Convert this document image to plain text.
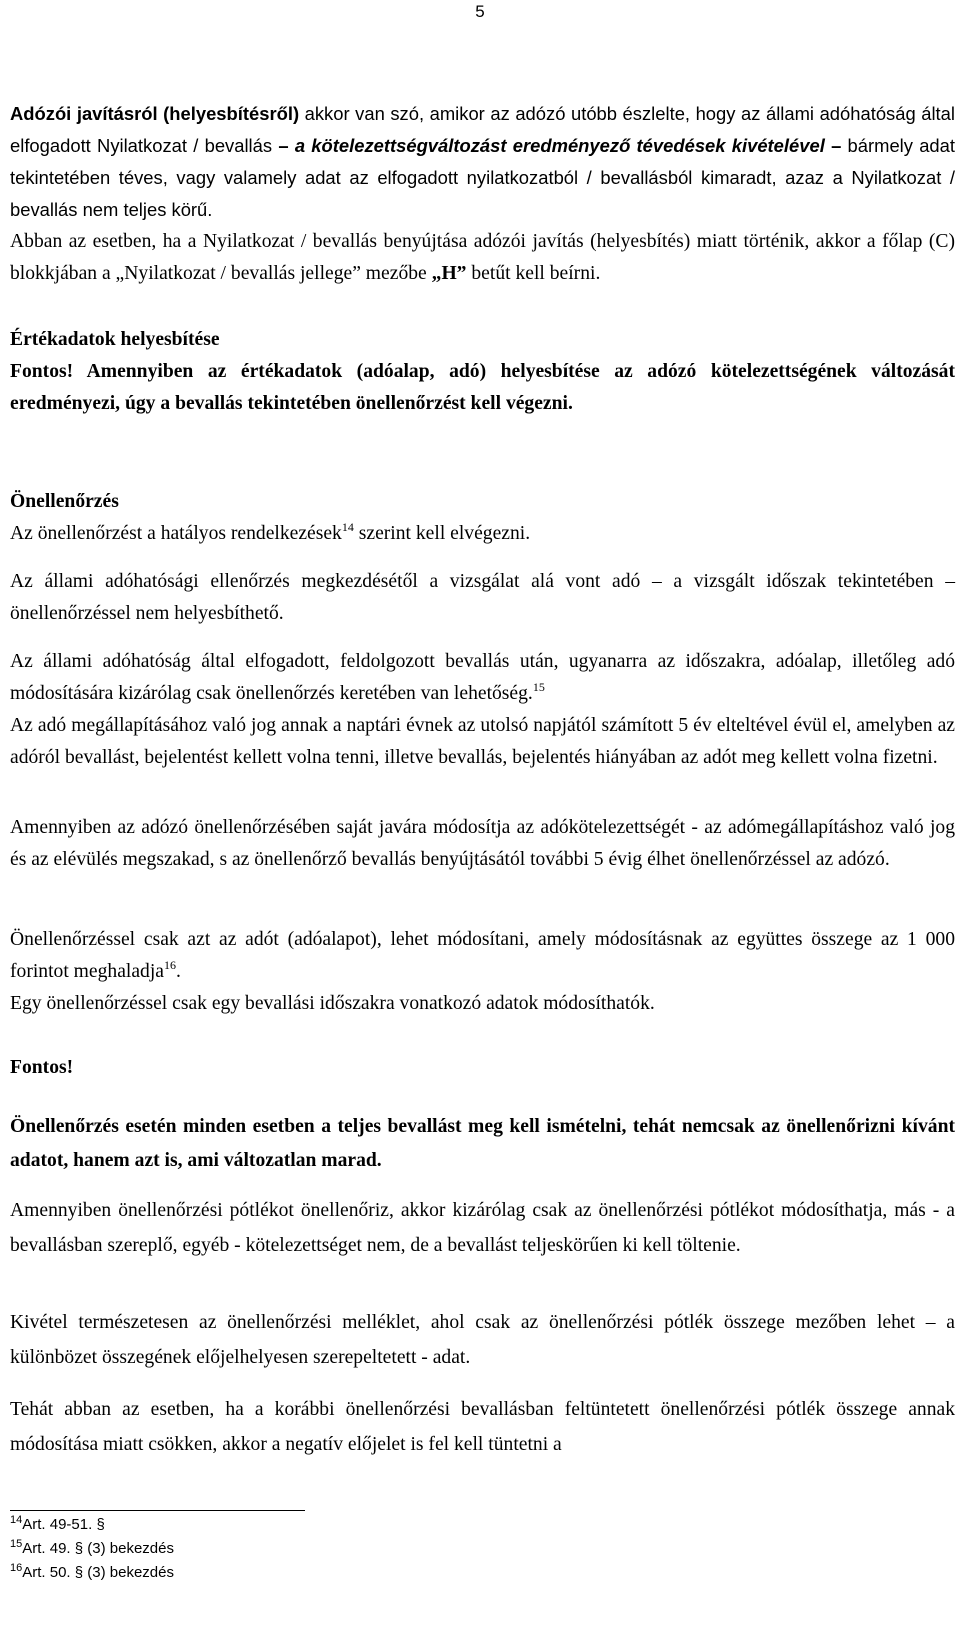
5

Adózói javításról (helyesbítésről) akkor van szó, amikor az adózó utóbb észlelte, hogy az állami adóhatóság által elfogadott Nyilatkozat / bevallás – a kötelezettségváltozást eredményező tévedések kivételével – bármely adat tekintetében téves, vagy valamely adat az elfogadott nyilatkozatból / bevallásból kimaradt, azaz a Nyilatkozat / bevallás nem teljes körű.

Abban az esetben, ha a Nyilatkozat / bevallás benyújtása adózói javítás (helyesbítés) miatt történik, akkor a főlap (C) blokkjában a „Nyilatkozat / bevallás jellege” mezőbe „H” betűt kell beírni.

Értékadatok helyesbítése

Fontos! Amennyiben az értékadatok (adóalap, adó) helyesbítése az adózó kötelezettségének változását eredményezi, úgy a bevallás tekintetében önellenőrzést kell végezni.

Önellenőrzés

Az önellenőrzést a hatályos rendelkezések$^{14}$ szerint kell elvégezni.

Az állami adóhatósági ellenőrzés megkezdésétől a vizsgálat alá vont adó – a vizsgált időszak tekintetében – önellenőrzéssel nem helyesbíthető.

Az állami adóhatóság által elfogadott, feldolgozott bevallás után, ugyanarra az időszakra, adóalap, illetőleg adó módosítására kizárólag csak önellenőrzés keretében van lehetőség.$^{15}$

Az adó megállapításához való jog annak a naptári évnek az utolsó napjától számított 5 év elteltével évül el, amelyben az adóról bevallást, bejelentést kellett volna tenni, illetve bevallás, bejelentés hiányában az adót meg kellett volna fizetni.

Amennyiben az adózó önellenőrzésében saját javára módosítja az adókötelezettségét - az adómegállapításhoz való jog és az elévülés megszakad, s az önellenőrző bevallás benyújtásától további 5 évig élhet önellenőrzéssel az adózó.

Önellenőrzéssel csak azt az adót (adóalapot), lehet módosítani, amely módosításnak az együttes összege az 1 000 forintot meghaladja$^{16}$.

Egy önellenőrzéssel csak egy bevallási időszakra vonatkozó adatok módosíthatók.

Fontos!

Önellenőrzés esetén minden esetben a teljes bevallást meg kell ismételni, tehát nemcsak az önellenőrizni kívánt adatot, hanem azt is, ami változatlan marad.

Amennyiben önellenőrzési pótlékot önellenőriz, akkor kizárólag csak az önellenőrzési pótlékot módosíthatja, más - a bevallásban szereplő, egyéb - kötelezettséget nem, de a bevallást teljeskörűen ki kell töltenie.

Kivétel természetesen az önellenőrzési melléklet, ahol csak az önellenőrzési pótlék összege mezőben lehet – a különbözet összegének előjelhelyesen szerepeltetett - adat.

Tehát abban az esetben, ha a korábbi önellenőrzési bevallásban feltüntetett önellenőrzési pótlék összege annak módosítása miatt csökken, akkor a negatív előjelet is fel kell tüntetni a

$^{14}$Art. 49-51. §
$^{15}$Art. 49. § (3) bekezdés
$^{16}$Art. 50. § (3) bekezdés
